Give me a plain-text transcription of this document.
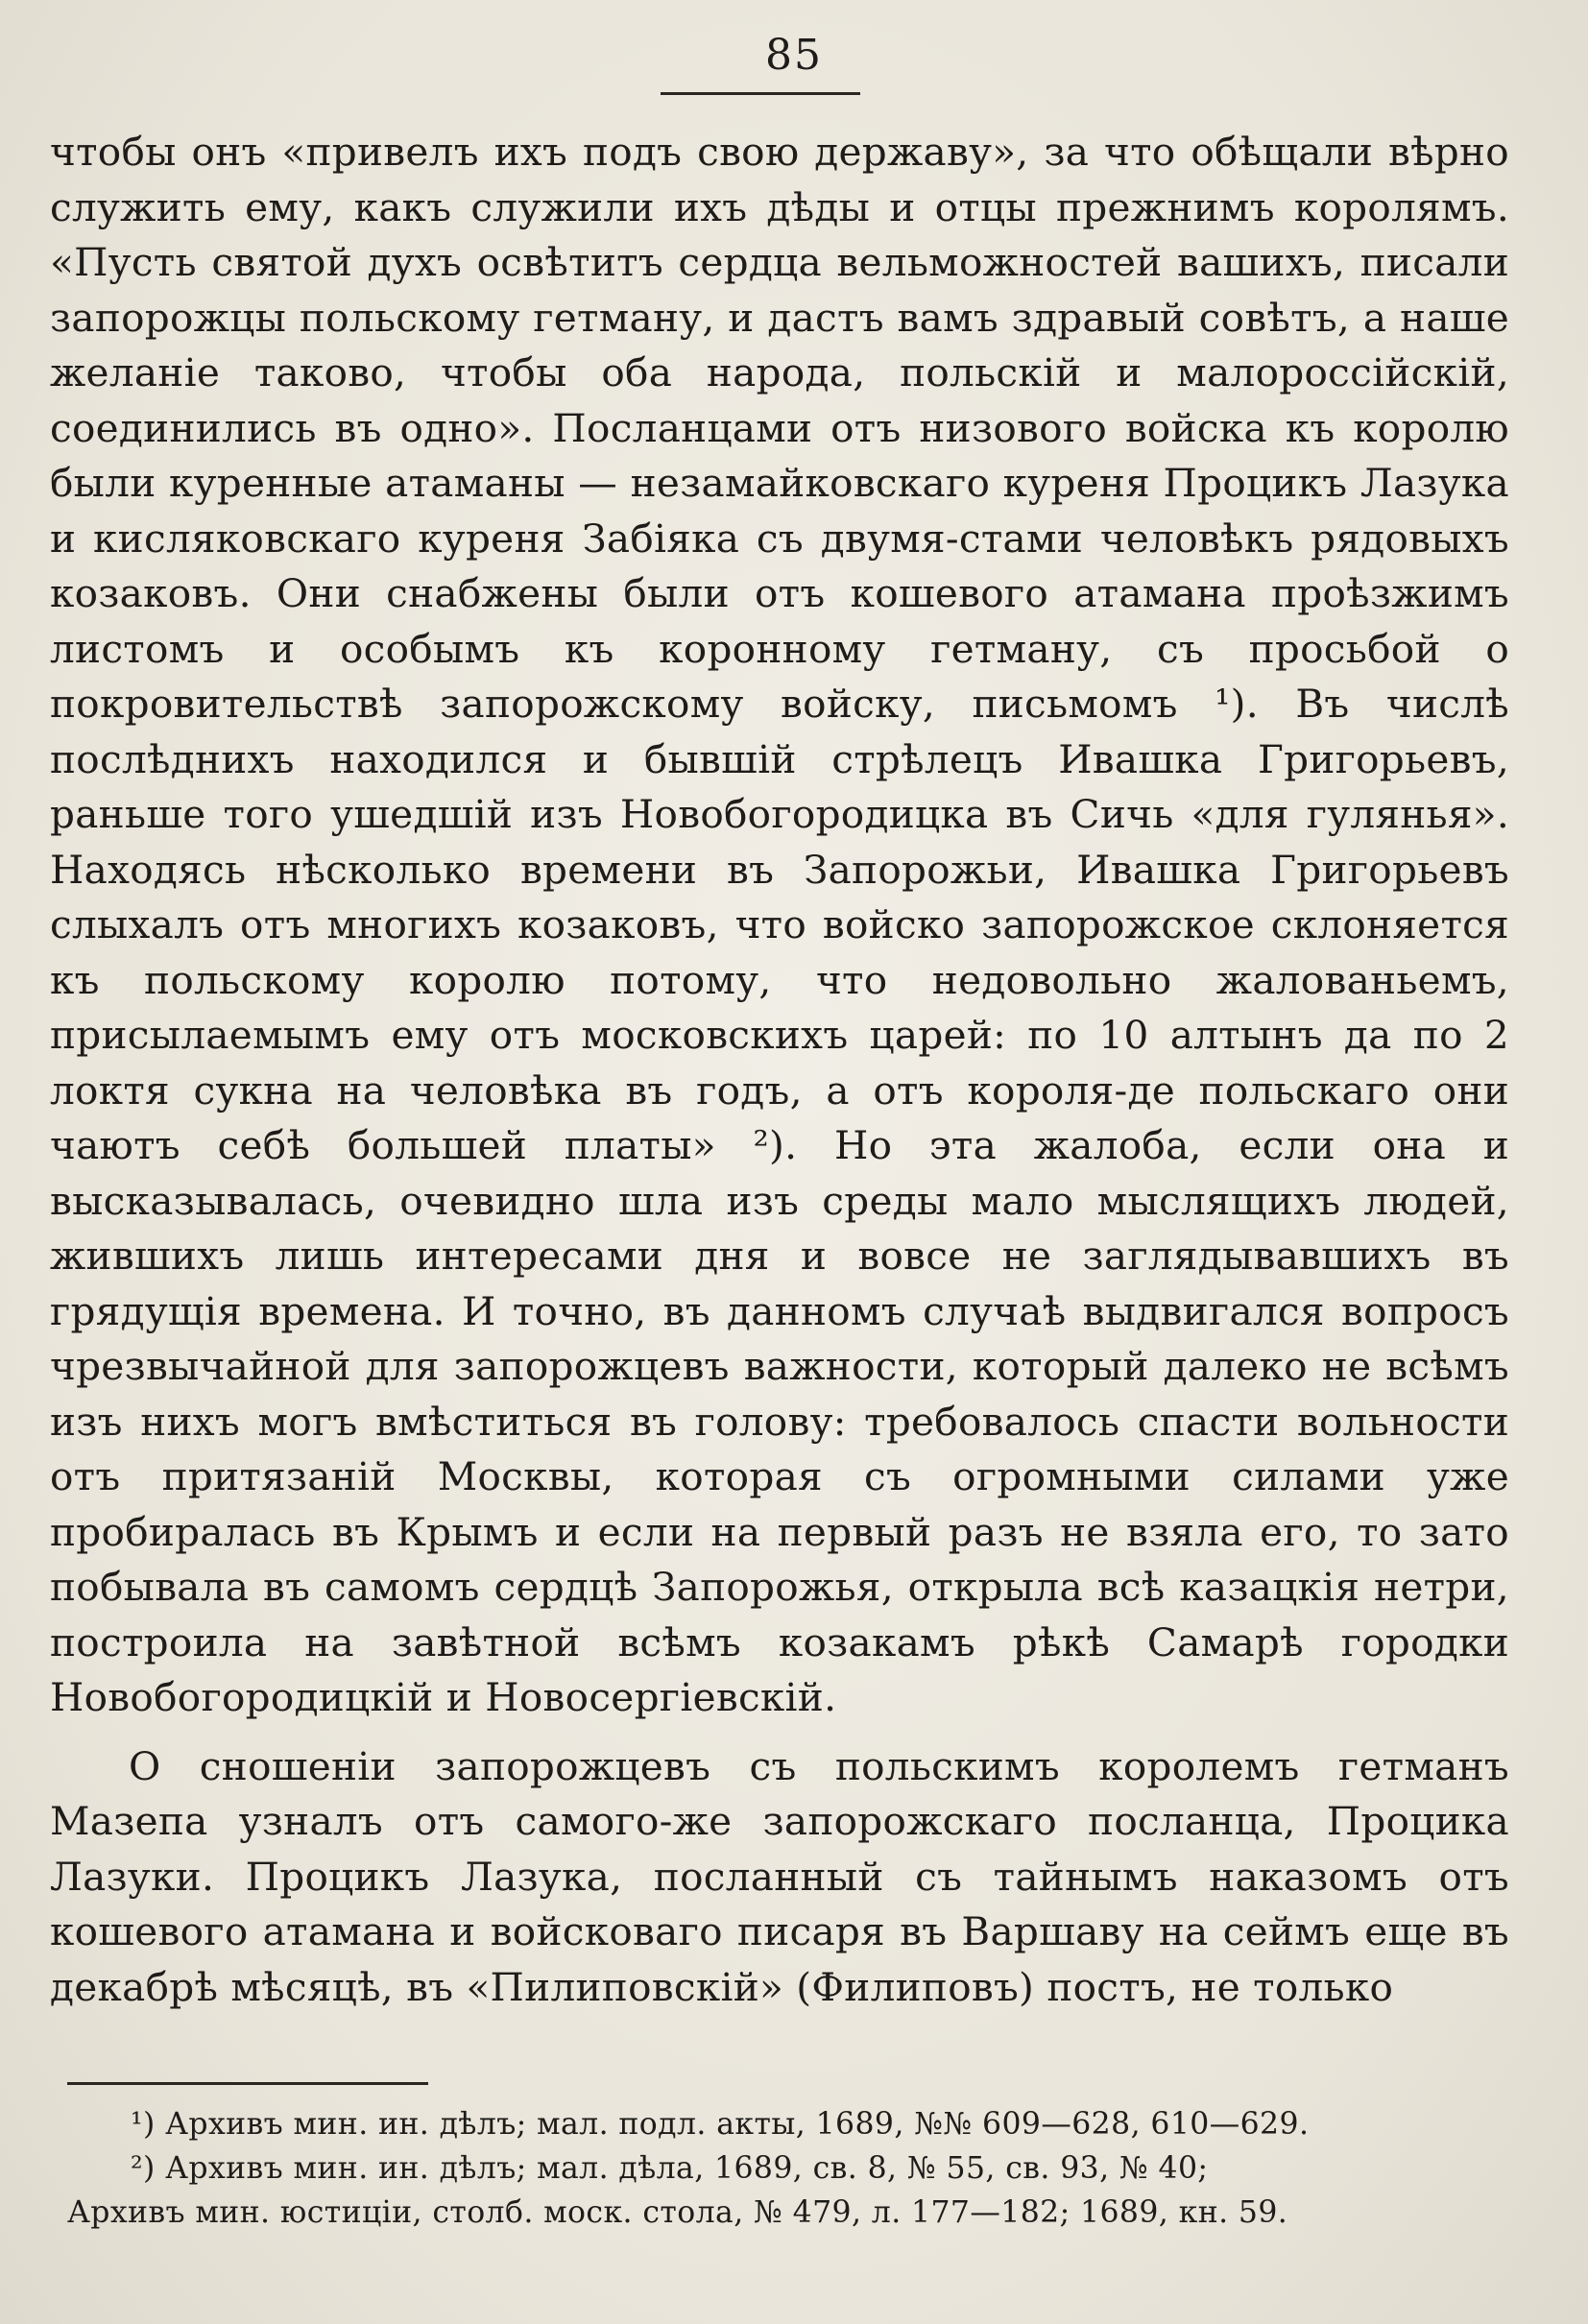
85

чтобы онъ «привелъ ихъ подъ свою державу», за что обѣщали вѣрно служить ему, какъ служили ихъ дѣды и отцы прежнимъ королямъ. «Пусть святой духъ освѣтитъ сердца вельможностей вашихъ, писали запорожцы польскому гетману, и дастъ вамъ здравый совѣтъ, а наше желаніе таково, чтобы оба народа, польскій и малороссійскій, соединились въ одно». Посланцами отъ низового войска къ королю были куренные атаманы — незамайковскаго куреня Процикъ Лазука и кисляковскаго куреня Забіяка съ двумя-стами человѣкъ рядовыхъ козаковъ. Они снабжены были отъ кошевого атамана проѣзжимъ листомъ и особымъ къ коронному гетману, съ просьбой о покровительствѣ запорожскому войску, письмомъ ¹). Въ числѣ послѣднихъ находился и бывшій стрѣлецъ Ивашка Григорьевъ, раньше того ушедшій изъ Новобогородицка въ Сичь «для гулянья». Находясь нѣсколько времени въ Запорожьи, Ивашка Григорьевъ слыхалъ отъ многихъ козаковъ, что войско запорожское склоняется къ польскому королю потому, что недовольно жалованьемъ, присылаемымъ ему отъ московскихъ царей: по 10 алтынъ да по 2 локтя сукна на человѣка въ годъ, а отъ короля-де польскаго они чаютъ себѣ большей платы» ²). Но эта жалоба, если она и высказывалась, очевидно шла изъ среды мало мыслящихъ людей, жившихъ лишь интересами дня и вовсе не заглядывавшихъ въ грядущія времена. И точно, въ данномъ случаѣ выдвигался вопросъ чрезвычайной для запорожцевъ важности, который далеко не всѣмъ изъ нихъ могъ вмѣститься въ голову: требовалось спасти вольности отъ притязаній Москвы, которая съ огромными силами уже пробиралась въ Крымъ и если на первый разъ не взяла его, то зато побывала въ самомъ сердцѣ Запорожья, открыла всѣ казацкія нетри, построила на завѣтной всѣмъ козакамъ рѣкѣ Самарѣ городки Новобогородицкій и Новосергіевскій.

О сношеніи запорожцевъ съ польскимъ королемъ гетманъ Мазепа узналъ отъ самого-же запорожскаго посланца, Процика Лазуки. Процикъ Лазука, посланный съ тайнымъ наказомъ отъ кошевого атамана и войсковаго писаря въ Варшаву на сеймъ еще въ декабрѣ мѣсяцѣ, въ «Пилиповскій» (Филиповъ) постъ, не только

¹) Архивъ мин. ин. дѣлъ; мал. подл. акты, 1689, №№ 609—628, 610—629.

²) Архивъ мин. ин. дѣлъ; мал. дѣла, 1689, св. 8, № 55, св. 93, № 40;

Архивъ мин. юстиціи, столб. моск. стола, № 479, л. 177—182; 1689, кн. 59.
